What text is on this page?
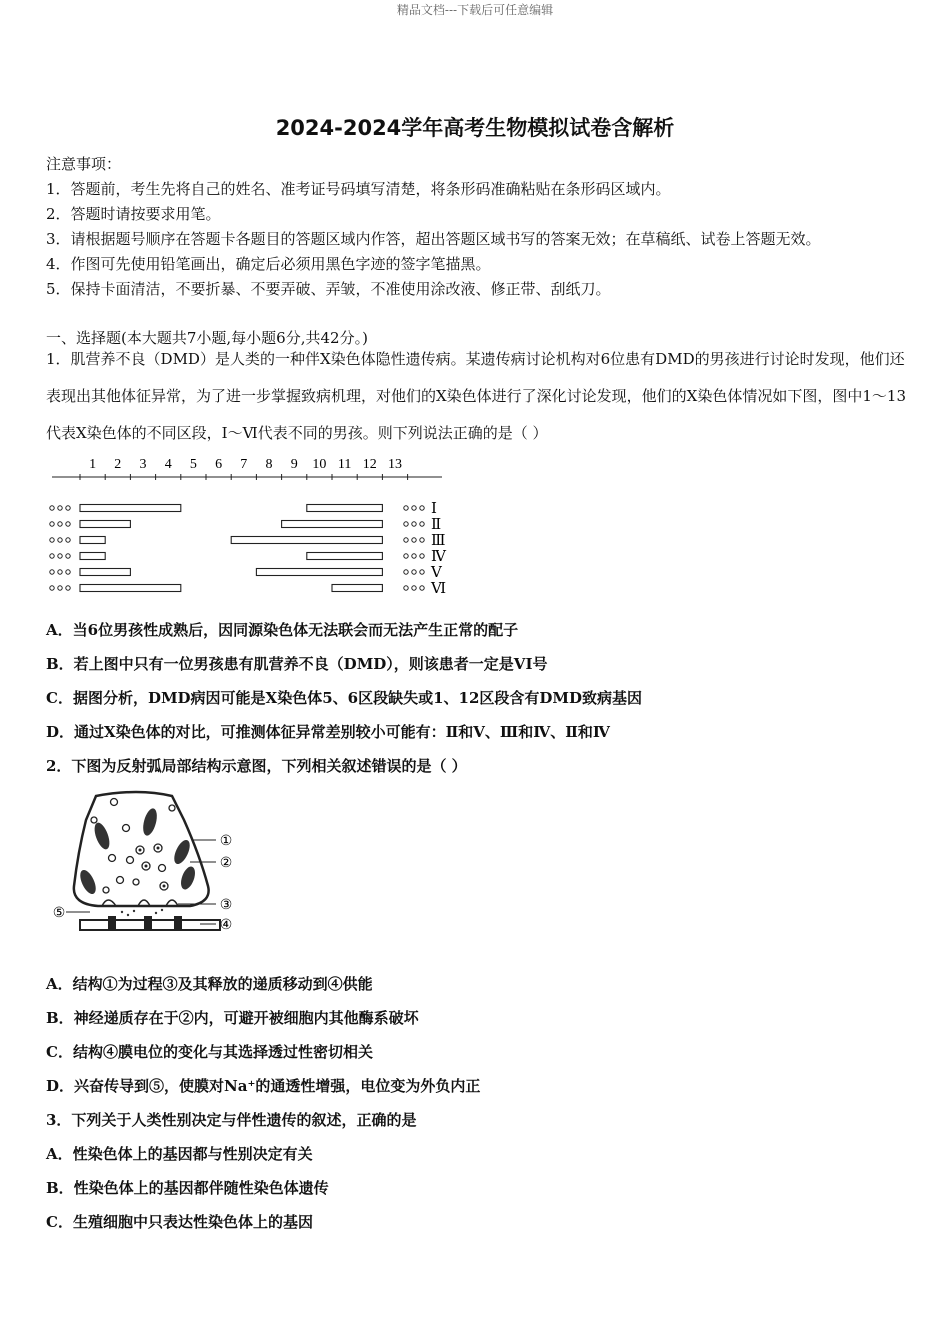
精品文档---下载后可任意编辑
2024-2024学年高考生物模拟试卷含解析
注意事项：
1．答题前，考生先将自己的姓名、准考证号码填写清楚，将条形码准确粘贴在条形码区域内。
2．答题时请按要求用笔。
3．请根据题号顺序在答题卡各题目的答题区域内作答，超出答题区域书写的答案无效；在草稿纸、试卷上答题无效。
4．作图可先使用铅笔画出，确定后必须用黑色字迹的签字笔描黑。
5．保持卡面清洁，不要折暴、不要弄破、弄皱，不准使用涂改液、修正带、刮纸刀。
一、选择题(本大题共7小题,每小题6分,共42分。)
1．肌营养不良（DMD）是人类的一种伴X染色体隐性遗传病。某遗传病讨论机构对6位患有DMD的男孩进行讨论时发现，他们还表现出其他体征异常，为了进一步掌握致病机理，对他们的X染色体进行了深化讨论发现，他们的X染色体情况如下图，图中1～13代表X染色体的不同区段，Ⅰ～Ⅵ代表不同的男孩。则下列说法正确的是（ ）
1 2 3 4 5 6 7 8 9 10 11 12 13
Ⅰ
Ⅱ
Ⅲ
Ⅳ
Ⅴ
Ⅵ
A．当6位男孩性成熟后，因同源染色体无法联会而无法产生正常的配子
B．若上图中只有一位男孩患有肌营养不良（DMD），则该患者一定是VI号
C．据图分析，DMD病因可能是X染色体5、6区段缺失或1、12区段含有DMD致病基因
D．通过X染色体的对比，可推测体征异常差别较小可能有：Ⅱ和Ⅴ、Ⅲ和Ⅳ、Ⅱ和Ⅳ
2．下图为反射弧局部结构示意图，下列相关叙述错误的是（ ）
①
②
③
④
⑤
A．结构①为过程③及其释放的递质移动到④供能
B．神经递质存在于②内，可避开被细胞内其他酶系破坏
C．结构④膜电位的变化与其选择透过性密切相关
D．兴奋传导到⑤，使膜对Na⁺的通透性增强，电位变为外负内正
3．下列关于人类性别决定与伴性遗传的叙述，正确的是
A．性染色体上的基因都与性别决定有关
B．性染色体上的基因都伴随性染色体遗传
C．生殖细胞中只表达性染色体上的基因
